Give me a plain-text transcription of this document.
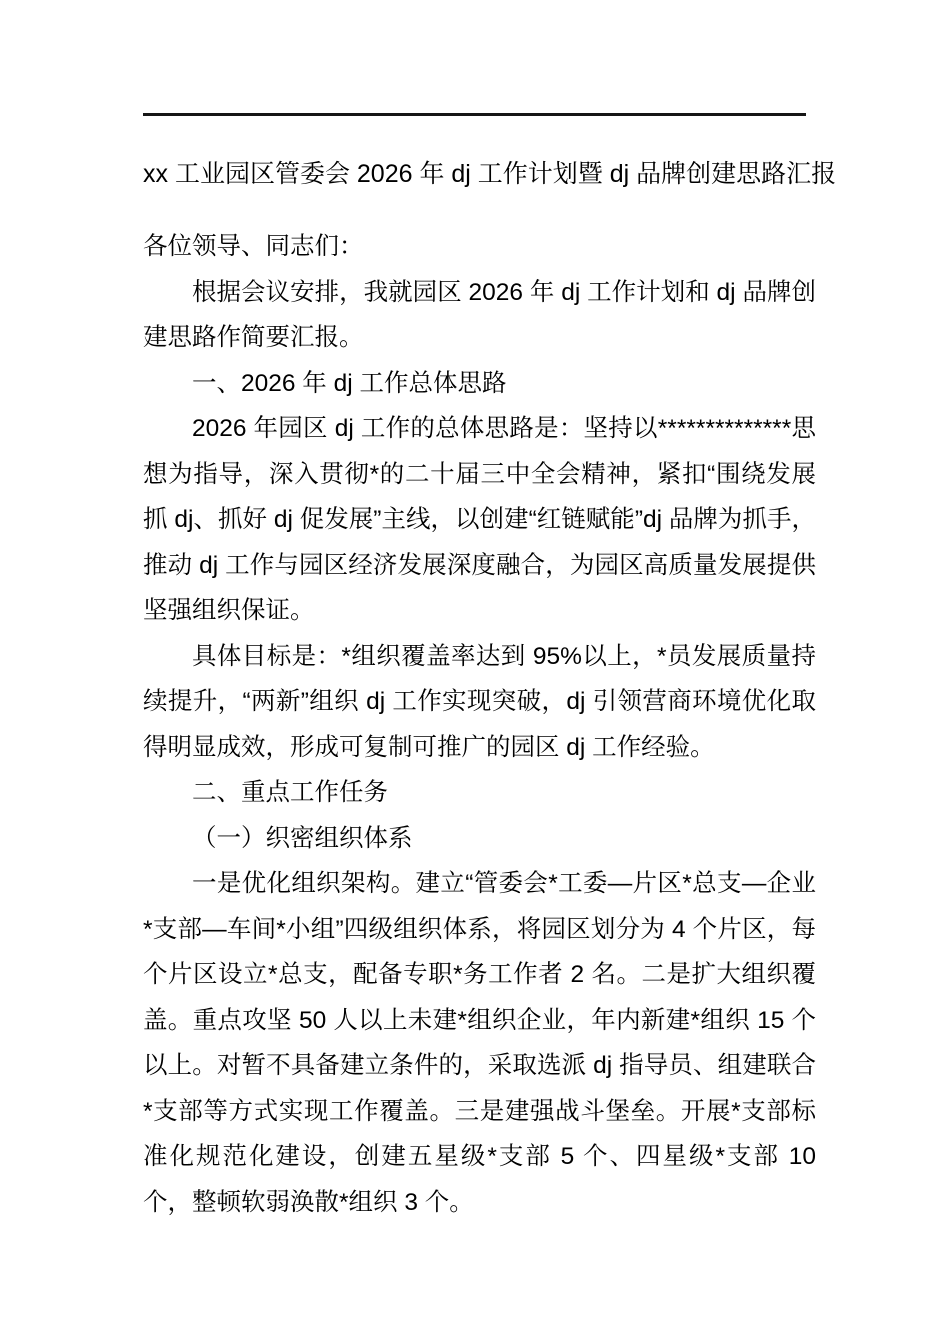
xx 工业园区管委会 2026 年 dj 工作计划暨 dj 品牌创建思路汇报

各位领导、同志们：

根据会议安排，我就园区 2026 年 dj 工作计划和 dj 品牌创建思路作简要汇报。

一、2026 年 dj 工作总体思路

2026 年园区 dj 工作的总体思路是：坚持以**************思想为指导，深入贯彻*的二十届三中全会精神，紧扣“围绕发展抓 dj、抓好 dj 促发展”主线，以创建“红链赋能”dj 品牌为抓手，推动 dj 工作与园区经济发展深度融合，为园区高质量发展提供坚强组织保证。

具体目标是：*组织覆盖率达到 95%以上，*员发展质量持续提升，“两新”组织 dj 工作实现突破，dj 引领营商环境优化取得明显成效，形成可复制可推广的园区 dj 工作经验。

二、重点工作任务

（一）织密组织体系

一是优化组织架构。建立“管委会*工委—片区*总支—企业*支部—车间*小组”四级组织体系，将园区划分为 4 个片区，每个片区设立*总支，配备专职*务工作者 2 名。二是扩大组织覆盖。重点攻坚 50 人以上未建*组织企业，年内新建*组织 15 个以上。对暂不具备建立条件的，采取选派 dj 指导员、组建联合*支部等方式实现工作覆盖。三是建强战斗堡垒。开展*支部标准化规范化建设，创建五星级*支部 5 个、四星级*支部 10 个，整顿软弱涣散*组织 3 个。
